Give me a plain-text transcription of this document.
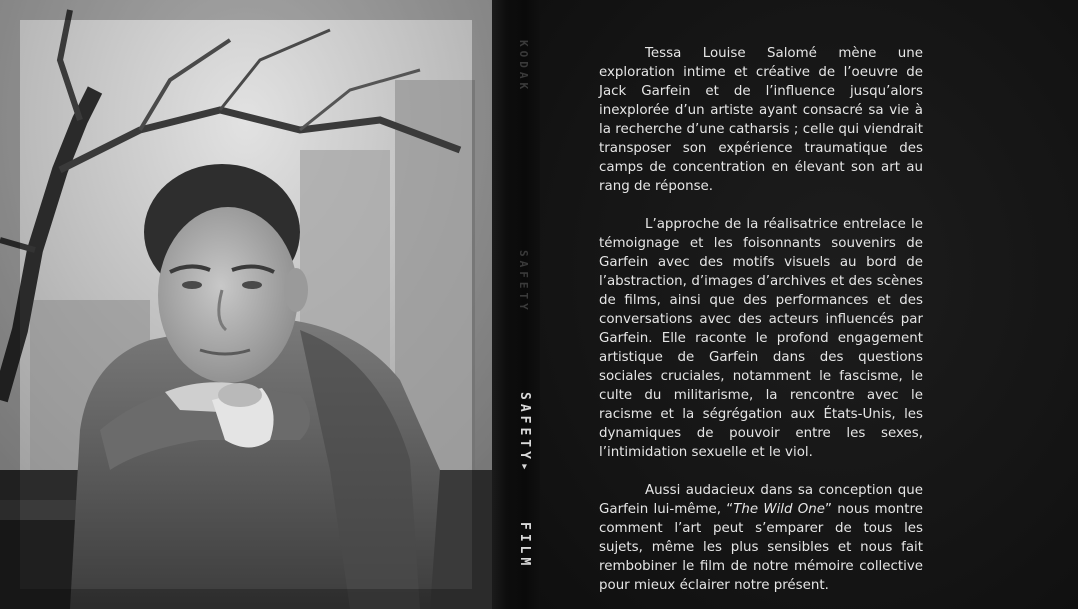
KODAK
SAFETY
SAFETY▸
FILM

Tessa Louise Salomé mène une exploration intime et créative de l’oeuvre de Jack Garfein et de l’influence jusqu’alors inexplorée d’un artiste ayant consacré sa vie à la recherche d’une catharsis ; celle qui viendrait transposer son expérience traumatique des camps de concentration en élevant son art au rang de réponse.

L’approche de la réalisatrice entrelace le témoignage et les foisonnants souvenirs de Garfein avec des motifs visuels au bord de l’abstraction, d’images d’archives et des scènes de films, ainsi que des performances et des conversations avec des acteurs influencés par Garfein. Elle raconte le profond engagement artistique de Garfein dans des questions sociales cruciales, notamment le fascisme, le culte du militarisme, la rencontre avec le racisme et la ségrégation aux États-Unis, les dynamiques de pouvoir entre les sexes, l’intimidation sexuelle et le viol.

Aussi audacieux dans sa conception que Garfein lui-même, “The Wild One” nous montre comment l’art peut s’emparer de tous les sujets, même les plus sensibles et nous fait rembobiner le film de notre mémoire collective pour mieux éclairer notre présent.
